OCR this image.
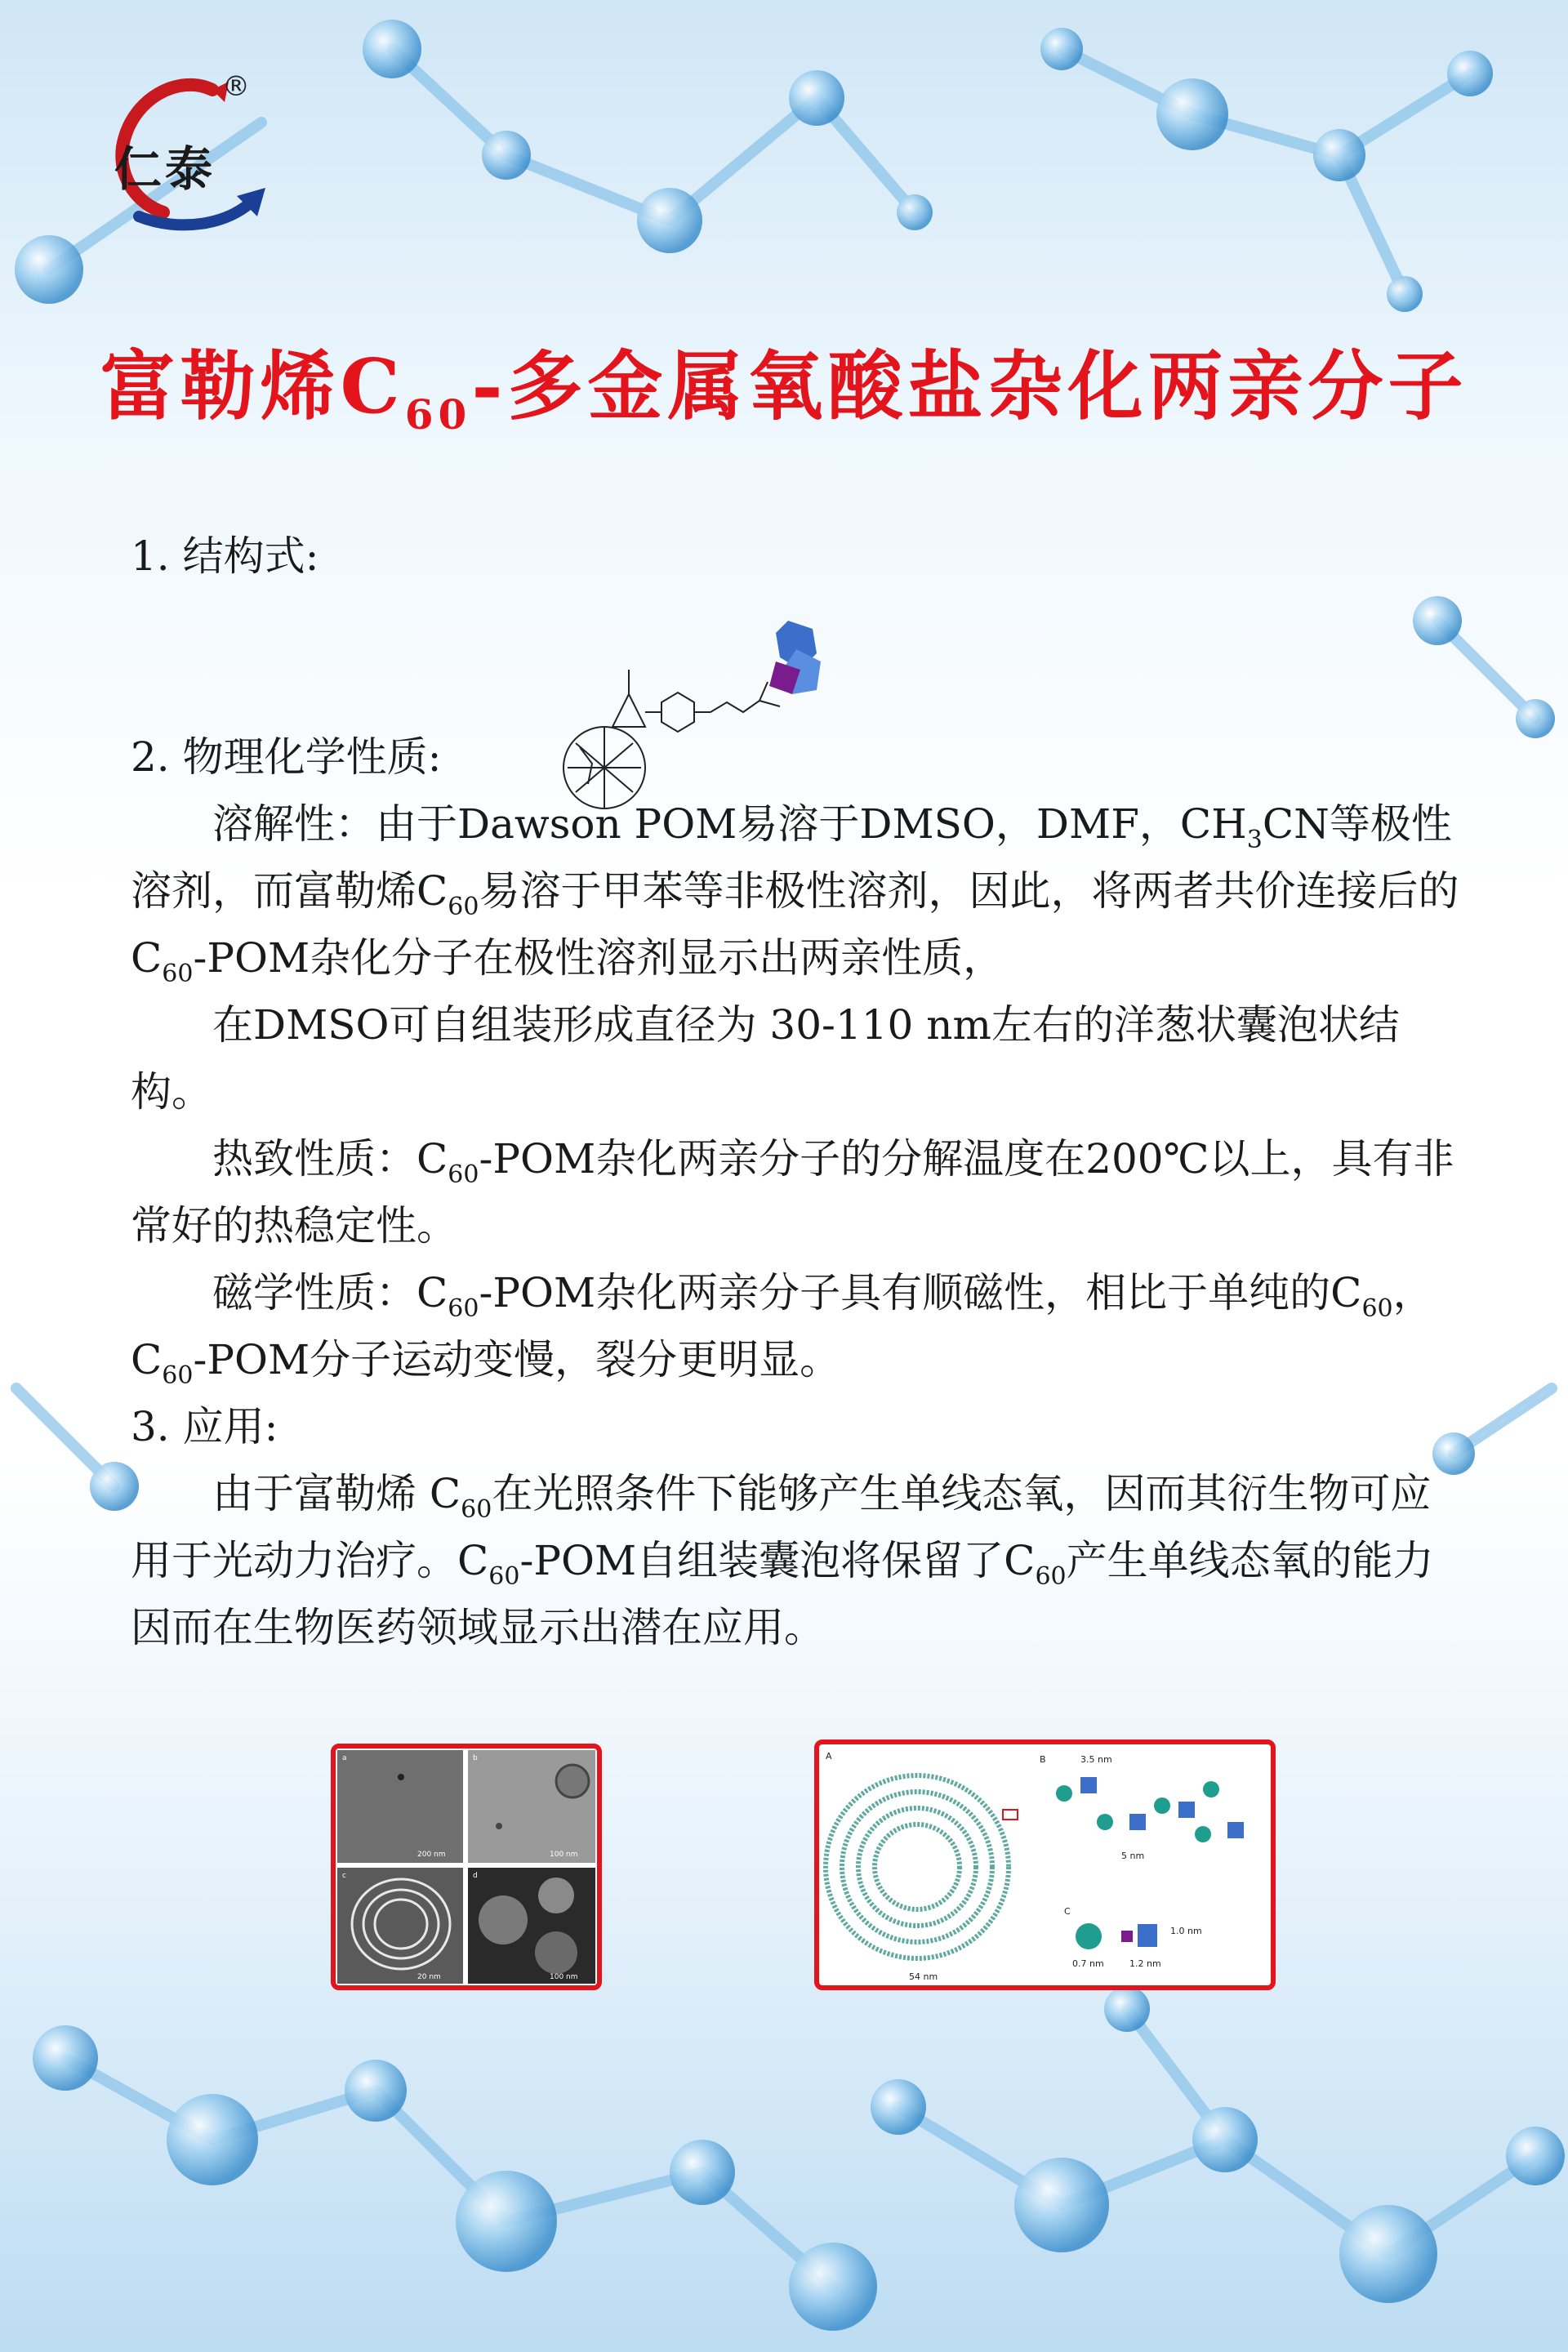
仁泰
®
富勒烯$C_{60}-$多金属氧酸盐杂化两亲分子

1. 结构式:

2. 物理化学性质:

溶解性：由于Dawson POM易溶于DMSO，DMF，$CH_3CN$等极性溶剂，而富勒烯$C_{60}$易溶于甲苯等非极性溶剂，因此，将两者共价连接后的$C_{60}$-POM杂化分子在极性溶剂显示出两亲性质，

在DMSO可自组装形成直径为 30-110 nm左右的洋葱状囊泡状结构。

热致性质：$C_{60}$-POM杂化两亲分子的分解温度在200℃以上，具有非常好的热稳定性。

磁学性质：$C_{60}$-POM杂化两亲分子具有顺磁性，相比于单纯的$C_{60}$，$C_{60}$-POM分子运动变慢，裂分更明显。

3. 应用:

由于富勒烯 $C_{60}$在光照条件下能够产生单线态氧，因而其衍生物可应用于光动力治疗。$C_{60}$-POM自组装囊泡将保留了$C_{60}$产生单线态氧的能力因而在生物医药领域显示出潜在应用。

a	b
c	d
200 nm	100 nm
20 nm	100 nm
A	B
C
54 nm
3.5 nm
5 nm
1.0 nm
0.7 nm	1.2 nm
